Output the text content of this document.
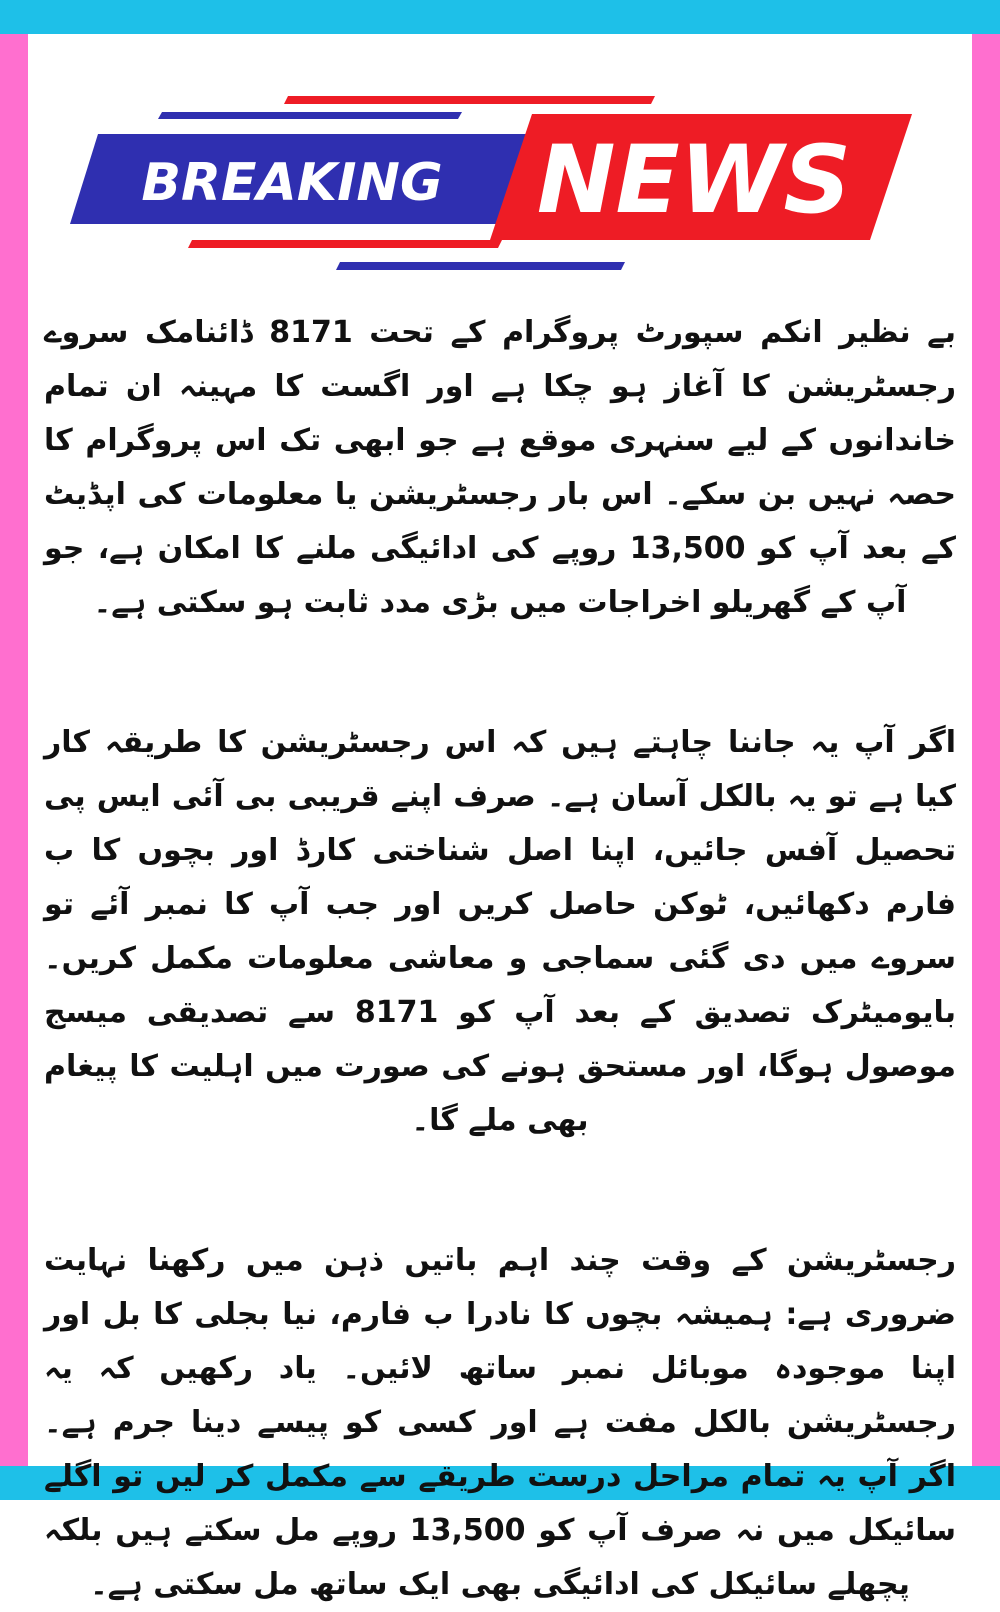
BREAKING NEWS

بے نظیر انکم سپورٹ پروگرام کے تحت 8171 ڈائنامک سروے رجسٹریشن کا آغاز ہو چکا ہے اور اگست کا مہینہ ان تمام خاندانوں کے لیے سنہری موقع ہے جو ابھی تک اس پروگرام کا حصہ نہیں بن سکے۔ اس بار رجسٹریشن یا معلومات کی اپڈیٹ کے بعد آپ کو 13,500 روپے کی ادائیگی ملنے کا امکان ہے، جو آپ کے گھریلو اخراجات میں بڑی مدد ثابت ہو سکتی ہے۔

اگر آپ یہ جاننا چاہتے ہیں کہ اس رجسٹریشن کا طریقہ کار کیا ہے تو یہ بالکل آسان ہے۔ صرف اپنے قریبی بی آئی ایس پی تحصیل آفس جائیں، اپنا اصل شناختی کارڈ اور بچوں کا ب فارم دکھائیں، ٹوکن حاصل کریں اور جب آپ کا نمبر آئے تو سروے میں دی گئی سماجی و معاشی معلومات مکمل کریں۔ بایومیٹرک تصدیق کے بعد آپ کو 8171 سے تصدیقی میسج موصول ہوگا، اور مستحق ہونے کی صورت میں اہلیت کا پیغام بھی ملے گا۔

رجسٹریشن کے وقت چند اہم باتیں ذہن میں رکھنا نہایت ضروری ہے: ہمیشہ بچوں کا نادرا ب فارم، نیا بجلی کا بل اور اپنا موجودہ موبائل نمبر ساتھ لائیں۔ یاد رکھیں کہ یہ رجسٹریشن بالکل مفت ہے اور کسی کو پیسے دینا جرم ہے۔ اگر آپ یہ تمام مراحل درست طریقے سے مکمل کر لیں تو اگلے سائیکل میں نہ صرف آپ کو 13,500 روپے مل سکتے ہیں بلکہ پچھلے سائیکل کی ادائیگی بھی ایک ساتھ مل سکتی ہے۔
